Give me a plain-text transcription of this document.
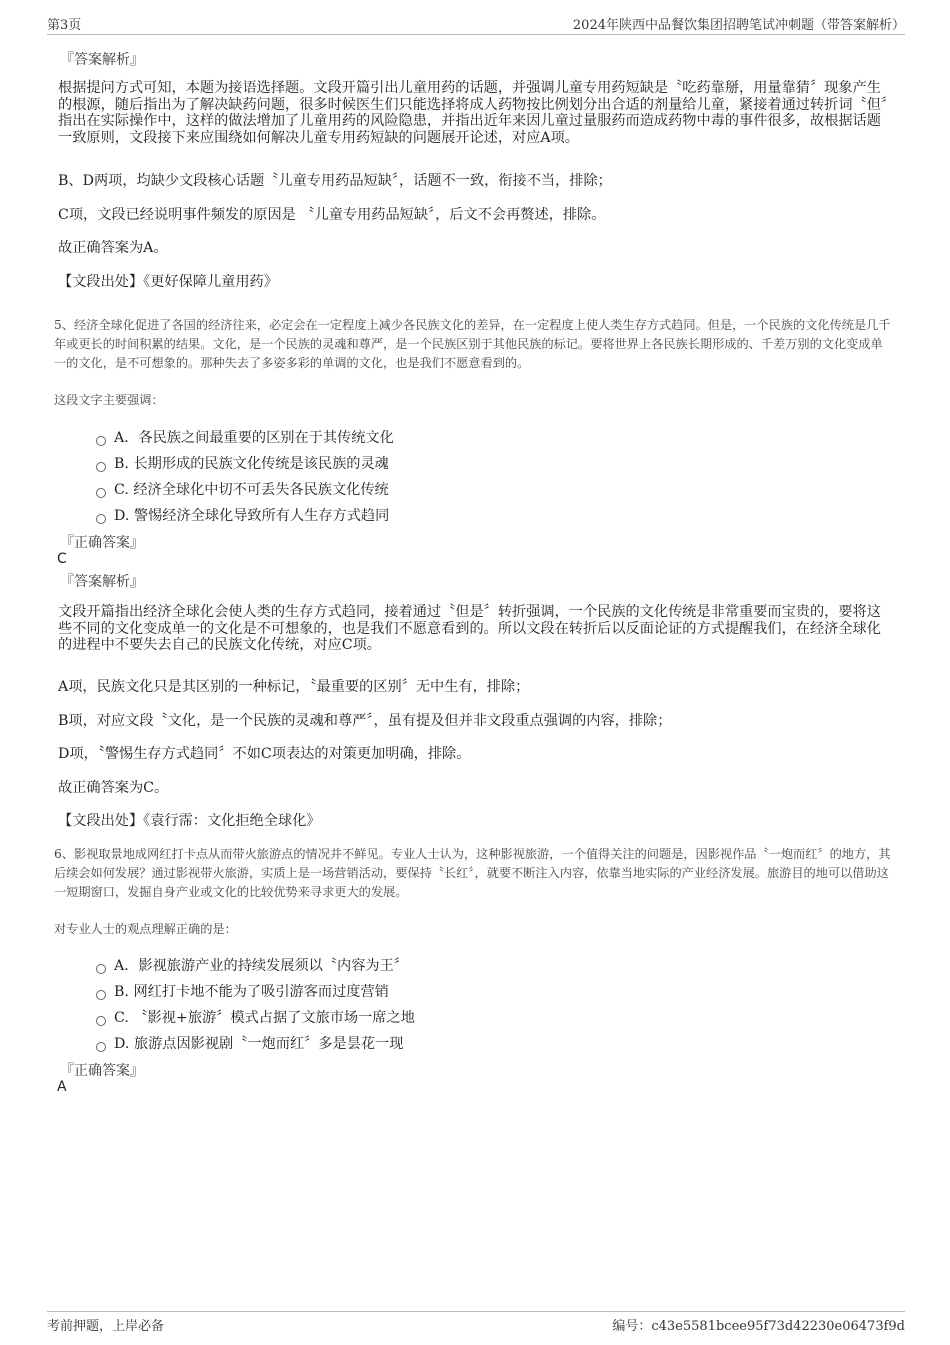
第3页	2024年陕西中品餐饮集团招聘笔试冲刺题（带答案解析）
『答案解析』
根据提问方式可知，本题为接语选择题。文段开篇引出儿童用药的话题，并强调儿童专用药短缺是〝吃药靠掰，用量靠猜〞现象产生的根源，随后指出为了解决缺药问题，很多时候医生们只能选择将成人药物按比例划分出合适的剂量给儿童，紧接着通过转折词〝但〞指出在实际操作中，这样的做法增加了儿童用药的风险隐患，并指出近年来因儿童过量服药而造成药物中毒的事件很多，故根据话题一致原则，文段接下来应围绕如何解决儿童专用药短缺的问题展开论述，对应A项。
B、D两项，均缺少文段核心话题〝儿童专用药品短缺〞，话题不一致，衔接不当，排除；
C项，文段已经说明事件频发的原因是 〝儿童专用药品短缺〞，后文不会再赘述，排除。
故正确答案为A。
【文段出处】《更好保障儿童用药》
5、经济全球化促进了各国的经济往来，必定会在一定程度上减少各民族文化的差异，在一定程度上使人类生存方式趋同。但是，一个民族的文化传统是几千年或更长的时间积累的结果。文化，是一个民族的灵魂和尊严，是一个民族区别于其他民族的标记。要将世界上各民族长期形成的、千差万别的文化变成单一的文化，是不可想象的。那种失去了多姿多彩的单调的文化，也是我们不愿意看到的。
这段文字主要强调：
A．各民族之间最重要的区别在于其传统文化
B. 长期形成的民族文化传统是该民族的灵魂
C. 经济全球化中切不可丢失各民族文化传统
D. 警惕经济全球化导致所有人生存方式趋同
『正确答案』
C
『答案解析』
文段开篇指出经济全球化会使人类的生存方式趋同，接着通过〝但是〞转折强调，一个民族的文化传统是非常重要而宝贵的，要将这些不同的文化变成单一的文化是不可想象的，也是我们不愿意看到的。所以文段在转折后以反面论证的方式提醒我们，在经济全球化的进程中不要失去自己的民族文化传统，对应C项。
A项，民族文化只是其区别的一种标记，〝最重要的区别〞无中生有，排除；
B项，对应文段〝文化，是一个民族的灵魂和尊严〞，虽有提及但并非文段重点强调的内容，排除；
D项，〝警惕生存方式趋同〞不如C项表达的对策更加明确，排除。
故正确答案为C。
【文段出处】《袁行霈：文化拒绝全球化》
6、影视取景地成网红打卡点从而带火旅游点的情况并不鲜见。专业人士认为，这种影视旅游，一个值得关注的问题是，因影视作品〝一炮而红〞的地方，其后续会如何发展？通过影视带火旅游，实质上是一场营销活动，要保持〝长红〞，就要不断注入内容，依靠当地实际的产业经济发展。旅游目的地可以借助这一短期窗口，发掘自身产业或文化的比较优势来寻求更大的发展。
对专业人士的观点理解正确的是：
A．影视旅游产业的持续发展须以〝内容为王〞
B. 网红打卡地不能为了吸引游客而过度营销
C. 〝影视+旅游〞模式占据了文旅市场一席之地
D. 旅游点因影视剧〝一炮而红〞多是昙花一现
『正确答案』
A
考前押题，上岸必备	编号：c43e5581bcee95f73d42230e06473f9d
